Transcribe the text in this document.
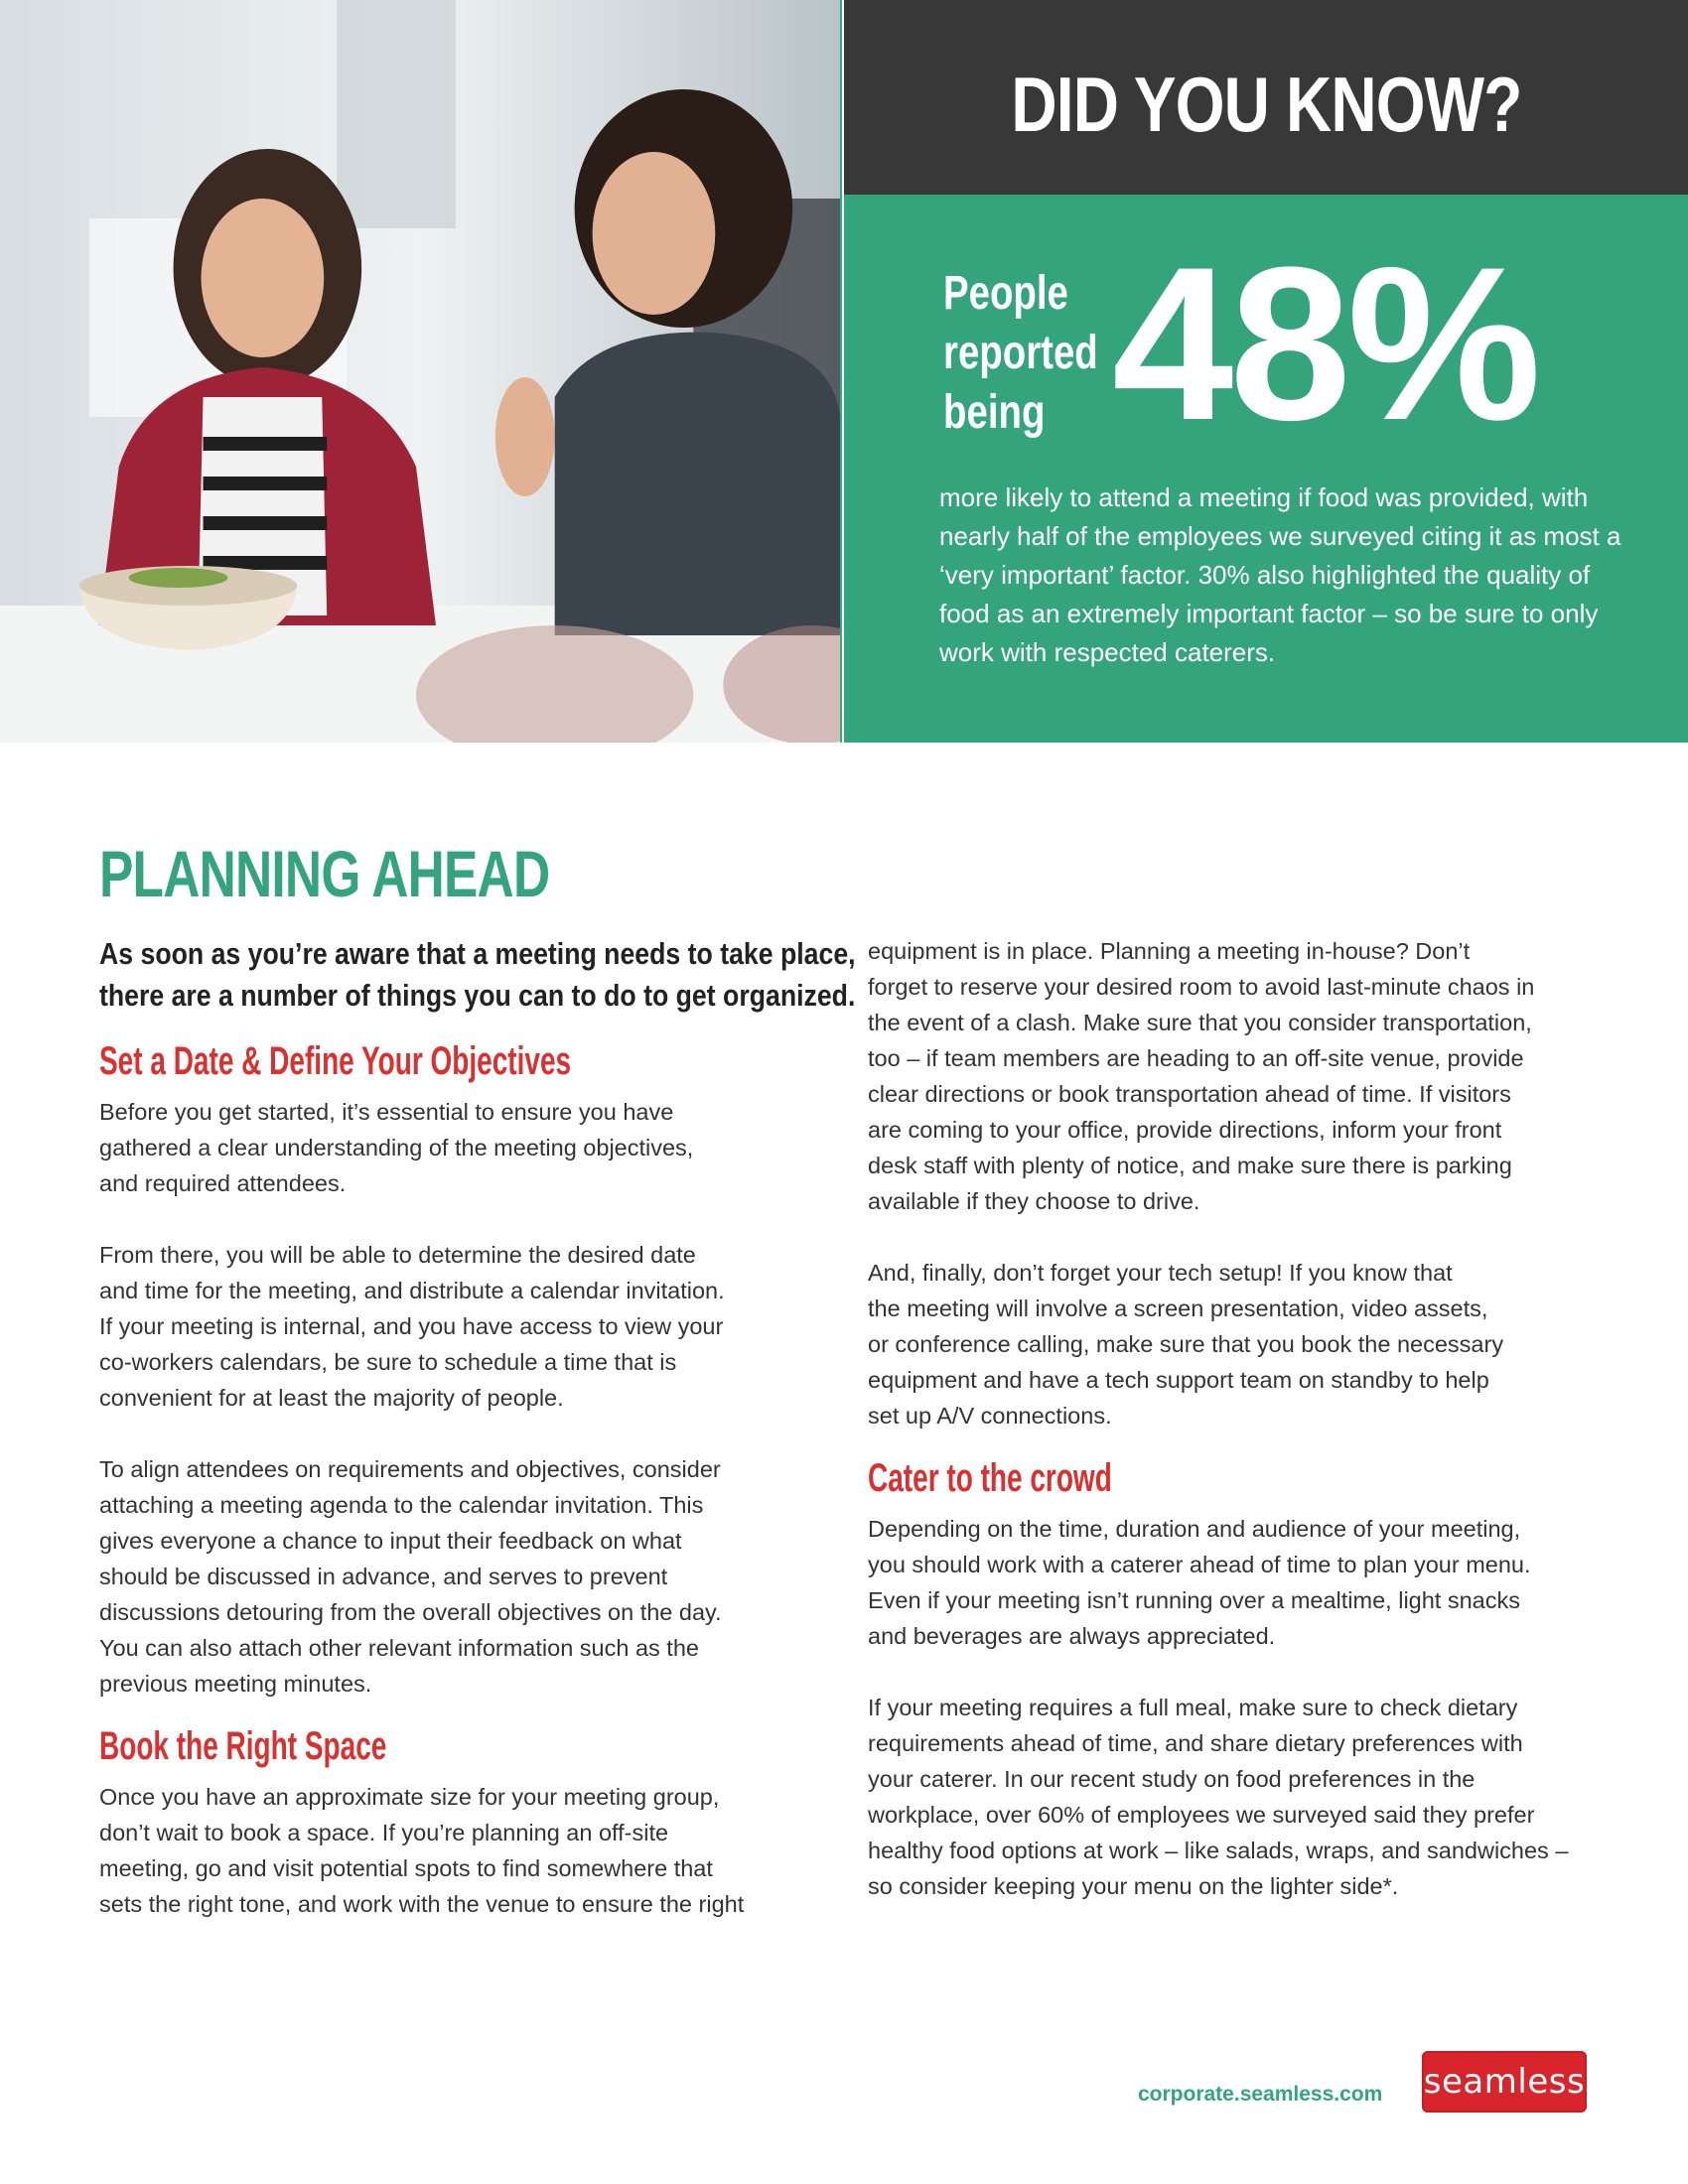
DID YOU KNOW?
People
reported
being 48%
more likely to attend a meeting if food was provided, with nearly half of the employees we surveyed citing it as most a ‘very important’ factor. 30% also highlighted the quality of food as an extremely important factor – so be sure to only work with respected caterers.
PLANNING AHEAD
As soon as you’re aware that a meeting needs to take place,
there are a number of things you can to do to get organized.
Set a Date & Define Your Objectives
Before you get started, it’s essential to ensure you have
gathered a clear understanding of the meeting objectives,
and required attendees.
From there, you will be able to determine the desired date
and time for the meeting, and distribute a calendar invitation.
If your meeting is internal, and you have access to view your
co-workers calendars, be sure to schedule a time that is
convenient for at least the majority of people.
To align attendees on requirements and objectives, consider
attaching a meeting agenda to the calendar invitation. This
gives everyone a chance to input their feedback on what
should be discussed in advance, and serves to prevent
discussions detouring from the overall objectives on the day.
You can also attach other relevant information such as the
previous meeting minutes.
Book the Right Space
Once you have an approximate size for your meeting group,
don’t wait to book a space. If you’re planning an off-site
meeting, go and visit potential spots to find somewhere that
sets the right tone, and work with the venue to ensure the right
equipment is in place. Planning a meeting in-house? Don’t
forget to reserve your desired room to avoid last-minute chaos in
the event of a clash. Make sure that you consider transportation,
too – if team members are heading to an off-site venue, provide
clear directions or book transportation ahead of time. If visitors
are coming to your office, provide directions, inform your front
desk staff with plenty of notice, and make sure there is parking
available if they choose to drive.
And, finally, don’t forget your tech setup! If you know that
the meeting will involve a screen presentation, video assets,
or conference calling, make sure that you book the necessary
equipment and have a tech support team on standby to help
set up A/V connections.
Cater to the crowd
Depending on the time, duration and audience of your meeting,
you should work with a caterer ahead of time to plan your menu.
Even if your meeting isn’t running over a mealtime, light snacks
and beverages are always appreciated.
If your meeting requires a full meal, make sure to check dietary
requirements ahead of time, and share dietary preferences with
your caterer. In our recent study on food preferences in the
workplace, over 60% of employees we surveyed said they prefer
healthy food options at work – like salads, wraps, and sandwiches –
so consider keeping your menu on the lighter side*.
corporate.seamless.com seamless
